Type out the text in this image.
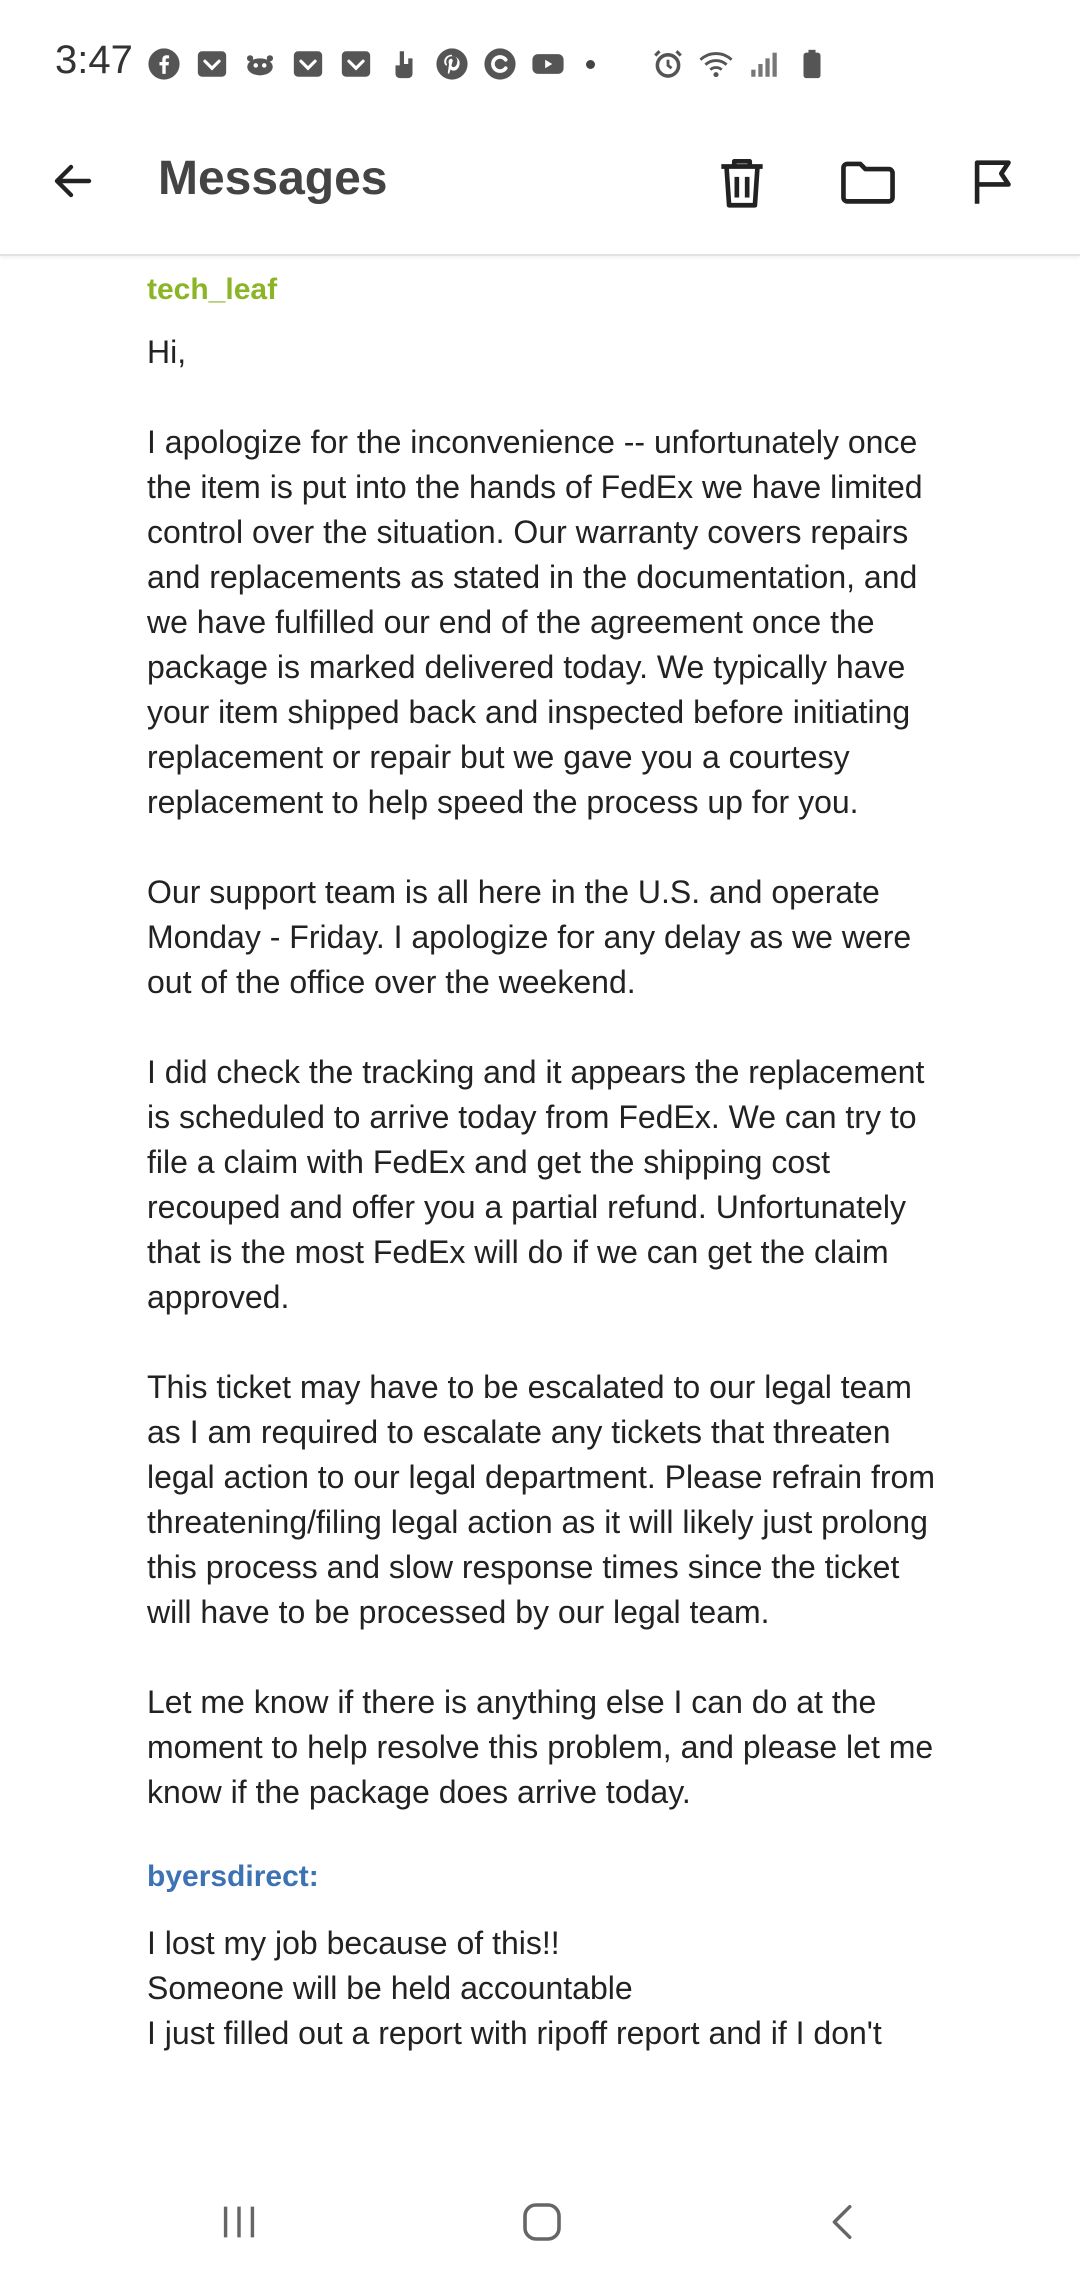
3:47
Messages
tech_leaf
Hi,

I apologize for the inconvenience -- unfortunately once the item is put into the hands of FedEx we have limited control over the situation. Our warranty covers repairs and replacements as stated in the documentation, and we have fulfilled our end of the agreement once the package is marked delivered today. We typically have your item shipped back and inspected before initiating replacement or repair but we gave you a courtesy replacement to help speed the process up for you.

Our support team is all here in the U.S. and operate Monday - Friday. I apologize for any delay as we were out of the office over the weekend.

I did check the tracking and it appears the replacement is scheduled to arrive today from FedEx. We can try to file a claim with FedEx and get the shipping cost recouped and offer you a partial refund. Unfortunately that is the most FedEx will do if we can get the claim approved.

This ticket may have to be escalated to our legal team as I am required to escalate any tickets that threaten legal action to our legal department. Please refrain from threatening/filing legal action as it will likely just prolong this process and slow response times since the ticket will have to be processed by our legal team.

Let me know if there is anything else I can do at the moment to help resolve this problem, and please let me know if the package does arrive today.
byersdirect:
I lost my job because of this!!
Someone will be held accountable
I just filled out a report with ripoff report and if I don't
